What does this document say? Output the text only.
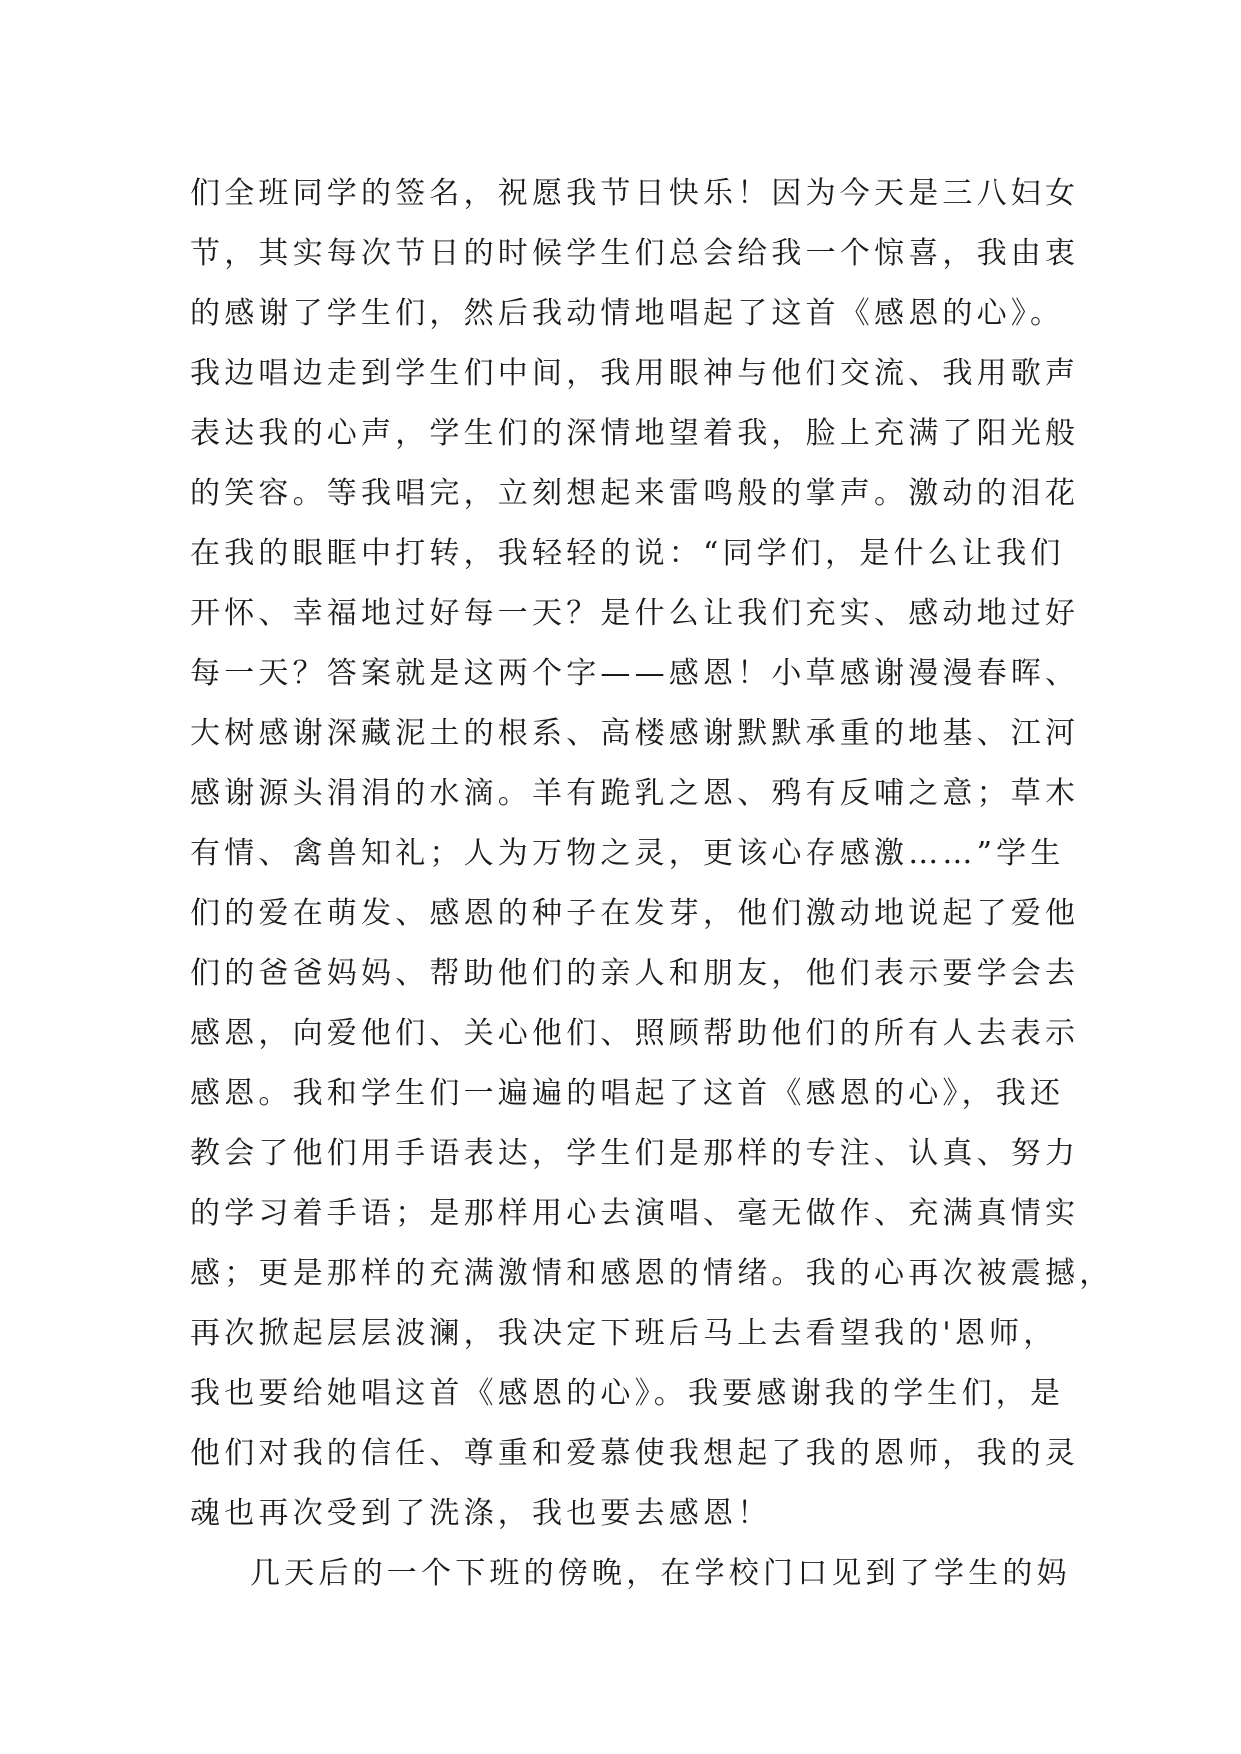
们全班同学的签名，祝愿我节日快乐！因为今天是三八妇女
节，其实每次节日的时候学生们总会给我一个惊喜，我由衷
的感谢了学生们，然后我动情地唱起了这首《感恩的心》。
我边唱边走到学生们中间，我用眼神与他们交流、我用歌声
表达我的心声，学生们的深情地望着我，脸上充满了阳光般
的笑容。等我唱完，立刻想起来雷鸣般的掌声。激动的泪花
在我的眼眶中打转，我轻轻的说：“同学们，是什么让我们
开怀、幸福地过好每一天？是什么让我们充实、感动地过好
每一天？答案就是这两个字——感恩！小草感谢漫漫春晖、
大树感谢深藏泥土的根系、高楼感谢默默承重的地基、江河
感谢源头涓涓的水滴。羊有跪乳之恩、鸦有反哺之意；草木
有情、禽兽知礼；人为万物之灵，更该心存感激……”学生
们的爱在萌发、感恩的种子在发芽，他们激动地说起了爱他
们的爸爸妈妈、帮助他们的亲人和朋友，他们表示要学会去
感恩，向爱他们、关心他们、照顾帮助他们的所有人去表示
感恩。我和学生们一遍遍的唱起了这首《感恩的心》，我还
教会了他们用手语表达，学生们是那样的专注、认真、努力
的学习着手语；是那样用心去演唱、毫无做作、充满真情实
感；更是那样的充满激情和感恩的情绪。我的心再次被震撼，
再次掀起层层波澜，我决定下班后马上去看望我的'恩师，
我也要给她唱这首《感恩的心》。我要感谢我的学生们，是
他们对我的信任、尊重和爱慕使我想起了我的恩师，我的灵
魂也再次受到了洗涤，我也要去感恩！
几天后的一个下班的傍晚，在学校门口见到了学生的妈
